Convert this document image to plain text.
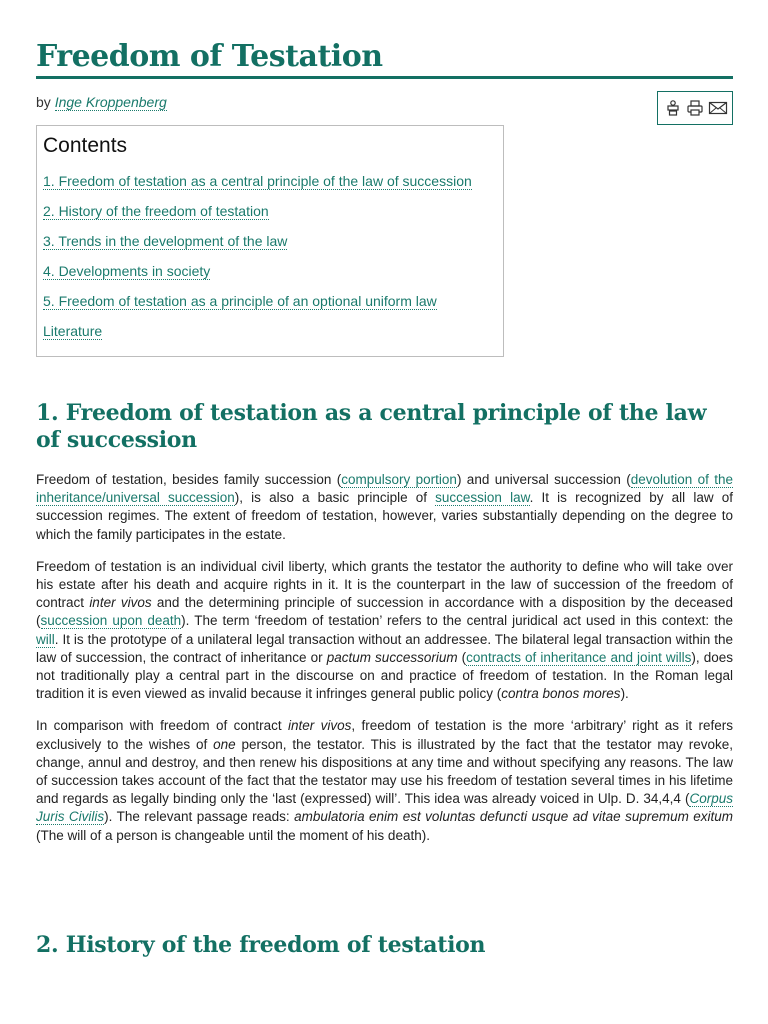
Freedom of Testation
by Inge Kroppenberg
Contents
1. Freedom of testation as a central principle of the law of succession
2. History of the freedom of testation
3. Trends in the development of the law
4. Developments in society
5. Freedom of testation as a principle of an optional uniform law
Literature
1. Freedom of testation as a central principle of the law of succession

Freedom of testation, besides family succession (compulsory portion) and universal succession (devolution of the inheritance/universal succession), is also a basic principle of succession law. It is recognized by all law of succession regimes. The extent of freedom of testation, however, varies substantially depending on the degree to which the family participates in the estate.

Freedom of testation is an individual civil liberty, which grants the testator the authority to define who will take over his estate after his death and acquire rights in it. It is the counterpart in the law of succession of the freedom of contract inter vivos and the determining principle of succession in accordance with a disposition by the deceased (succession upon death). The term ‘freedom of testation’ refers to the central juridical act used in this context: the will. It is the prototype of a unilateral legal transaction without an addressee. The bilateral legal transaction within the law of succession, the contract of inheritance or pactum successorium (contracts of inheritance and joint wills), does not traditionally play a central part in the discourse on and practice of freedom of testation. In the Roman legal tradition it is even viewed as invalid because it infringes general public policy (contra bonos mores).

In comparison with freedom of contract inter vivos, freedom of testation is the more ‘arbitrary’ right as it refers exclusively to the wishes of one person, the testator. This is illustrated by the fact that the testator may revoke, change, annul and destroy, and then renew his dispositions at any time and without specifying any reasons. The law of succession takes account of the fact that the testator may use his freedom of testation several times in his lifetime and regards as legally binding only the ‘last (expressed) will’. This idea was already voiced in Ulp. D. 34,4,4 (Corpus Juris Civilis). The relevant passage reads: ambulatoria enim est voluntas defuncti usque ad vitae supremum exitum (The will of a person is changeable until the moment of his death).

2. History of the freedom of testation
